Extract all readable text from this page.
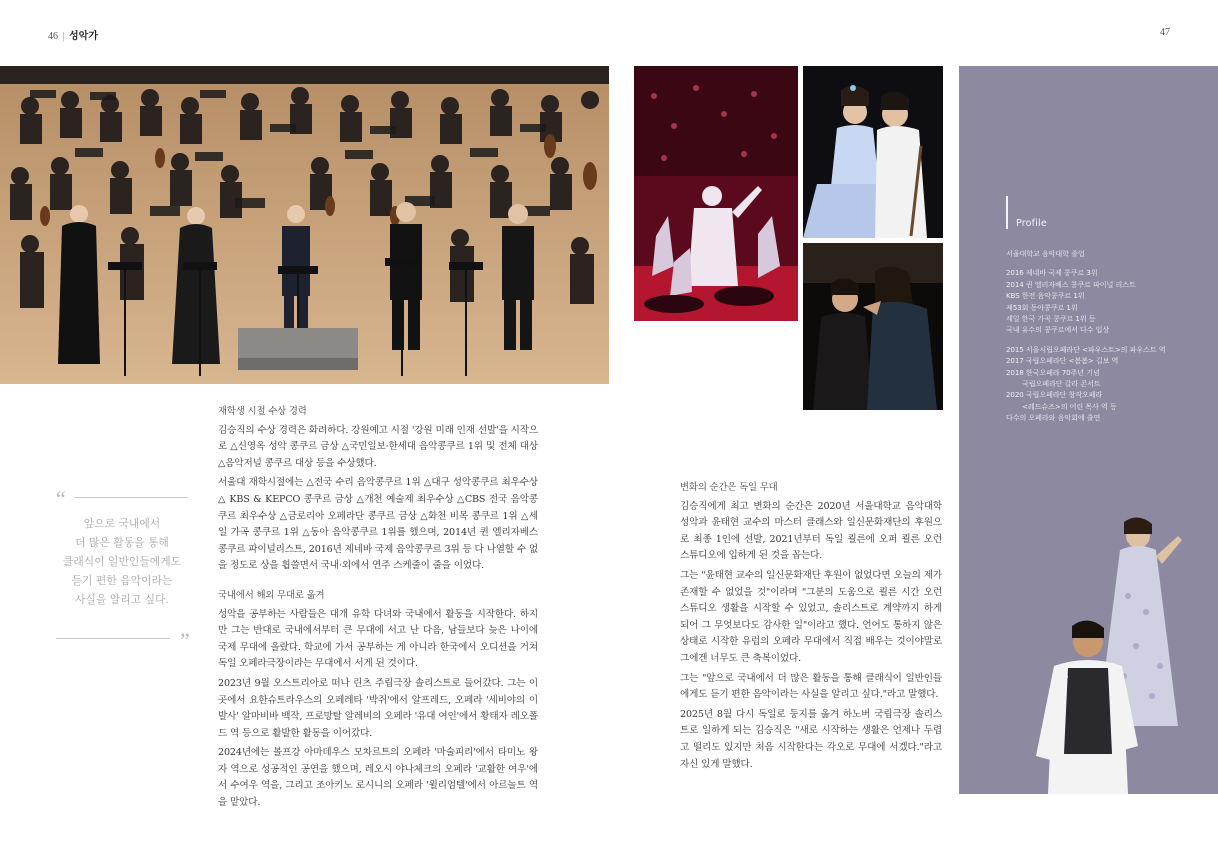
46 | 성악가	47
Profile
서울대학교 음악대학 졸업
2016 제네바 국제 콩쿠르 3위
2014 퀸 엘리자베스 콩쿠르 파이널 리스트
KBS 한전 음악콩쿠르 1위
제53회 동아콩쿠르 1위
세일 한국 가곡 콩쿠르 1위 등
국내 유수의 콩쿠르에서 다수 입상
2015 서울시립오페라단 <파우스트>의 파우스트 역
2017 국립오페라단 <봄봄> 길보 역
2018 한국오페라 70주년 기념
국립오페라단 갈라 콘서트
2020 국립오페라단 창작오페라
<레드슈즈>의 어린 목사 역 등
다수의 오페라와 음악회에 출연
“
앞으로 국내에서
더 많은 활동을 통해
클래식이 일반인들에게도
듣기 편한 음악이라는
사실을 알리고 싶다.
”
재학생 시절 수상 경력

김승직의 수상 경력은 화려하다. 강원예고 시절 '강원 미래 인재 선발'을 시작으로 △신영옥 성악 콩쿠르 금상 △국민일보·한세대 음악콩쿠르 1위 및 전체 대상 △음악저널 콩쿠르 대상 등을 수상했다.

서울대 재학시절에는 △전국 수리 음악콩쿠르 1위 △대구 성악콩쿠르 최우수상 △ KBS & KEPCO 콩쿠르 금상 △개천 예술제 최우수상 △CBS 전국 음악콩쿠르 최우수상 △금로리아 오페라단 콩쿠르 금상 △화천 비목 콩쿠르 1위 △세일 가곡 콩쿠르 1위 △동아 음악콩쿠르 1위를 했으며, 2014년 퀸 엘리자베스 콩쿠르 파이널리스트, 2016년 제네바 국제 음악콩쿠르 3위 등 다 나열할 수 없을 정도로 상을 휩쓸면서 국내·외에서 연주 스케줄이 줄을 이었다.

국내에서 해외 무대로 옮겨

성악을 공부하는 사람들은 대개 유학 다녀와 국내에서 활동을 시작한다. 하지만 그는 반대로 국내에서부터 큰 무대에 서고 난 다음, 남들보다 늦은 나이에 국제 무대에 올랐다. 학교에 가서 공부하는 게 아니라 한국에서 오디션을 거쳐 독일 오페라극장이라는 무대에서 서게 된 것이다.

2023년 9월 오스트리아로 떠나 린츠 주립극장 솔리스트로 들어갔다. 그는 이곳에서 요한슈트라우스의 오페레타 '박쥐'에서 알프레드, 오페라 '세비야의 이발사' 알마비바 백작, 프로망탈 알레비의 오페라 '유대 여인'에서 황태자 레오폴드 역 등으로 활발한 활동을 이어갔다.

2024년에는 볼프강 아마데우스 모차르트의 오페라 '마술피리'에서 타미노 왕자 역으로 성공적인 공연을 했으며, 레오시 야나체크의 오페라 '교활한 여우'에서 수여우 역을, 그리고 조아키노 로시니의 오페라 '윌리엄텔'에서 아르놀트 역을 맡았다.

변화의 순간은 독일 무대

김승직에게 최고 변화의 순간은 2020년 서울대학교 음악대학 성악과 윤태현 교수의 마스터 클래스와 일신문화재단의 후원으로 최종 1인에 선발, 2021년부터 독일 쾰른에 오퍼 쾰른 오런 스튜디오에 입하게 된 것을 꼽는다.

그는 "윤태현 교수의 일신문화재단 후원이 없었다면 오늘의 제가 존재할 수 없었을 것"이라며 "그분의 도움으로 쾰른 시간 오런 스튜디오 생활을 시작할 수 있었고, 솔리스트로 계약까지 하게 되어 그 무엇보다도 감사한 일"이라고 했다. 언어도 통하지 않은 상태로 시작한 유럽의 오페라 무대에서 직접 배우는 것이야말로 그에겐 너무도 큰 축복이었다.

그는 "앞으로 국내에서 더 많은 활동을 통해 클래식이 일반인들에게도 듣기 편한 음악이라는 사실을 알리고 싶다."라고 말했다.

2025년 8월 다시 독일로 둥지를 옮겨 하노버 국립극장 솔리스트로 일하게 되는 김승직은 "새로 시작하는 생활은 언제나 두렵고 떨리도 있지만 처음 시작한다는 각오로 무대에 서겠다."라고 자신 있게 말했다.
